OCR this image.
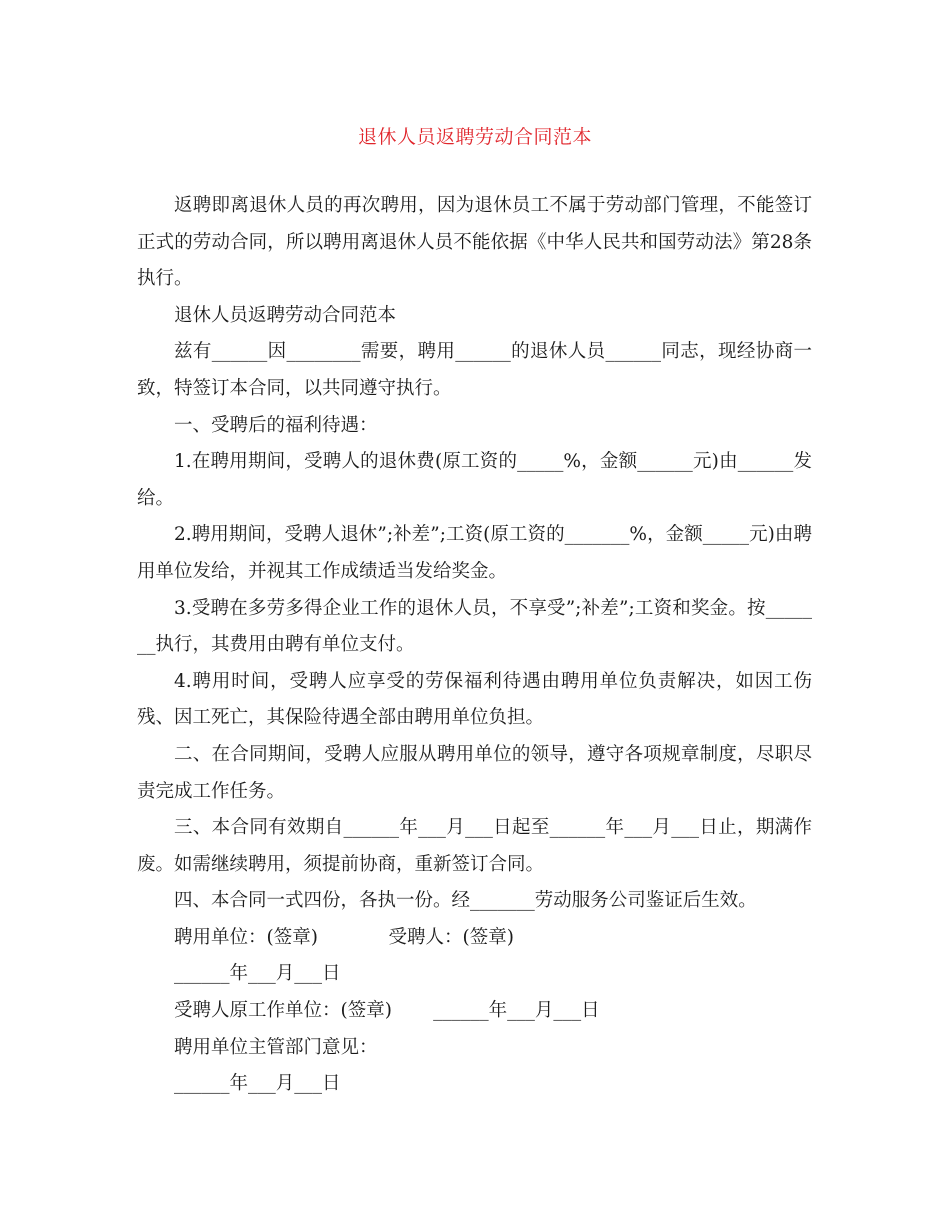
退休人员返聘劳动合同范本

返聘即离退休人员的再次聘用，因为退休员工不属于劳动部门管理，不能签订正式的劳动合同，所以聘用离退休人员不能依据《中华人民共和国劳动法》第28条执行。

退休人员返聘劳动合同范本

兹有______因________需要，聘用______的退休人员______同志，现经协商一致，特签订本合同，以共同遵守执行。

一、受聘后的福利待遇：

1.在聘用期间，受聘人的退休费(原工资的_____%，金额______元)由______发给。

2.聘用期间，受聘人退休”;补差”;工资(原工资的_______%，金额_____元)由聘用单位发给，并视其工作成绩适当发给奖金。

3.受聘在多劳多得企业工作的退休人员，不享受”;补差”;工资和奖金。按_______执行，其费用由聘有单位支付。

4.聘用时间，受聘人应享受的劳保福利待遇由聘用单位负责解决，如因工伤残、因工死亡，其保险待遇全部由聘用单位负担。

二、在合同期间，受聘人应服从聘用单位的领导，遵守各项规章制度，尽职尽责完成工作任务。

三、本合同有效期自______年___月___日起至______年___月___日止，期满作废。如需继续聘用，须提前协商，重新签订合同。

四、本合同一式四份，各执一份。经_______劳动服务公司鉴证后生效。

聘用单位：(签章)            受聘人：(签章)

______年___月___日

受聘人原工作单位：(签章)       ______年___月___日

聘用单位主管部门意见：

______年___月___日
